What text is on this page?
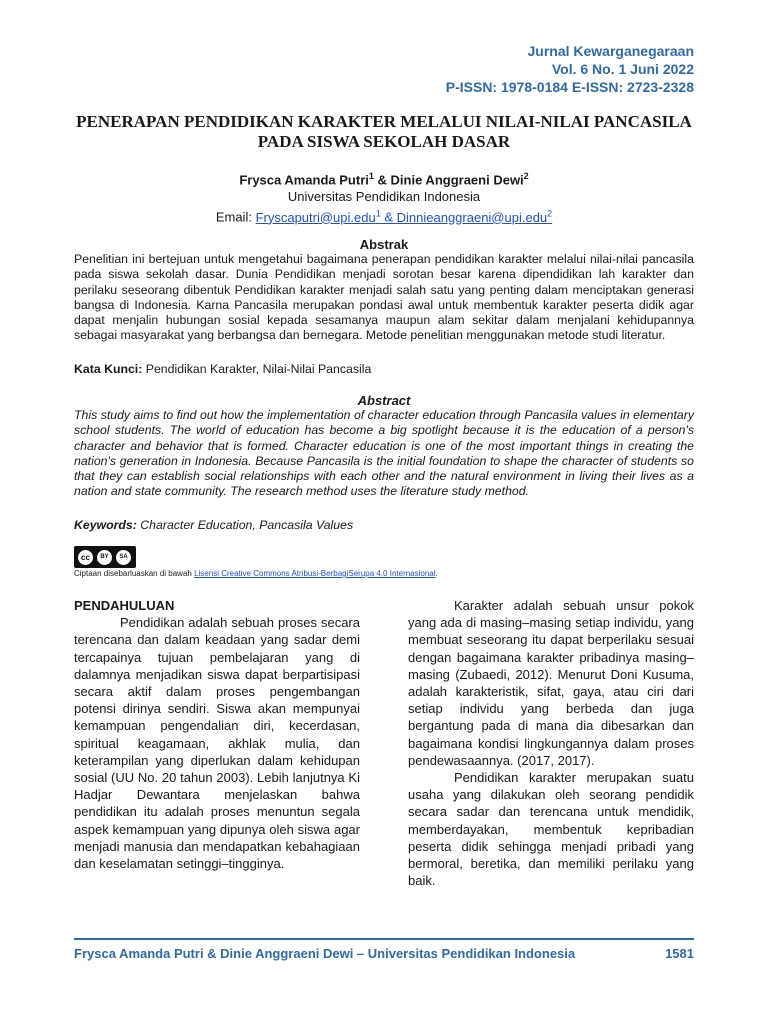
Jurnal Kewarganegaraan
Vol. 6 No. 1 Juni 2022
P-ISSN: 1978-0184 E-ISSN: 2723-2328
PENERAPAN PENDIDIKAN KARAKTER MELALUI NILAI-NILAI PANCASILA
PADA SISWA SEKOLAH DASAR
Frysca Amanda Putri$^1$ & Dinie Anggraeni Dewi$^2$
Universitas Pendidikan Indonesia
Email: Fryscaputri@upi.edu$^1$ & Dinnieanggraeni@upi.edu$^2$
Abstrak
Penelitian ini bertejuan untuk mengetahui bagaimana penerapan pendidikan karakter melalui nilai-nilai pancasila pada siswa sekolah dasar. Dunia Pendidikan menjadi sorotan besar karena dipendidikan lah karakter dan perilaku seseorang dibentuk Pendidikan karakter menjadi salah satu yang penting dalam menciptakan generasi bangsa di Indonesia. Karna Pancasila merupakan pondasi awal untuk membentuk karakter peserta didik agar dapat menjalin hubungan sosial kepada sesamanya maupun alam sekitar dalam menjalani kehidupannya sebagai masyarakat yang berbangsa dan bernegara. Metode penelitian menggunakan metode studi literatur.
Kata Kunci: Pendidikan Karakter, Nilai-Nilai Pancasila
Abstract
This study aims to find out how the implementation of character education through Pancasila values in elementary school students. The world of education has become a big spotlight because it is the education of a person's character and behavior that is formed. Character education is one of the most important things in creating the nation's generation in Indonesia. Because Pancasila is the initial foundation to shape the character of students so that they can establish social relationships with each other and the natural environment in living their lives as a nation and state community. The research method uses the literature study method.
Keywords: Character Education, Pancasila Values
cc	BY	SA
Ciptaan disebarluaskan di bawah Lisensi Creative Commons Atribusi-BerbagiSerupa 4.0 Internasional.

PENDAHULUAN

Pendidikan adalah sebuah proses secara terencana dan dalam keadaan yang sadar demi tercapainya tujuan pembelajaran yang di dalamnya menjadikan siswa dapat berpartisipasi secara aktif dalam proses pengembangan potensi dirinya sendiri. Siswa akan mempunyai kemampuan pengendalian diri, kecerdasan, spiritual keagamaan, akhlak mulia, dan keterampilan yang diperlukan dalam kehidupan sosial (UU No. 20 tahun 2003). Lebih lanjutnya Ki Hadjar Dewantara menjelaskan bahwa pendidikan itu adalah proses menuntun segala aspek kemampuan yang dipunya oleh siswa agar menjadi manusia dan mendapatkan kebahagiaan dan keselamatan setinggi–tingginya.

Karakter adalah sebuah unsur pokok yang ada di masing–masing setiap individu, yang membuat seseorang itu dapat berperilaku sesuai dengan bagaimana karakter pribadinya masing–masing (Zubaedi, 2012). Menurut Doni Kusuma, adalah karakteristik, sifat, gaya, atau ciri dari setiap individu yang berbeda dan juga bergantung pada di mana dia dibesarkan dan bagaimana kondisi lingkungannya dalam proses pendewasaannya. (2017, 2017).

Pendidikan karakter merupakan suatu usaha yang dilakukan oleh seorang pendidik secara sadar dan terencana untuk mendidik, memberdayakan, membentuk kepribadian peserta didik sehingga menjadi pribadi yang bermoral, beretika, dan memiliki perilaku yang baik.

Frysca Amanda Putri & Dinie Anggraeni Dewi – Universitas Pendidikan Indonesia	1581
